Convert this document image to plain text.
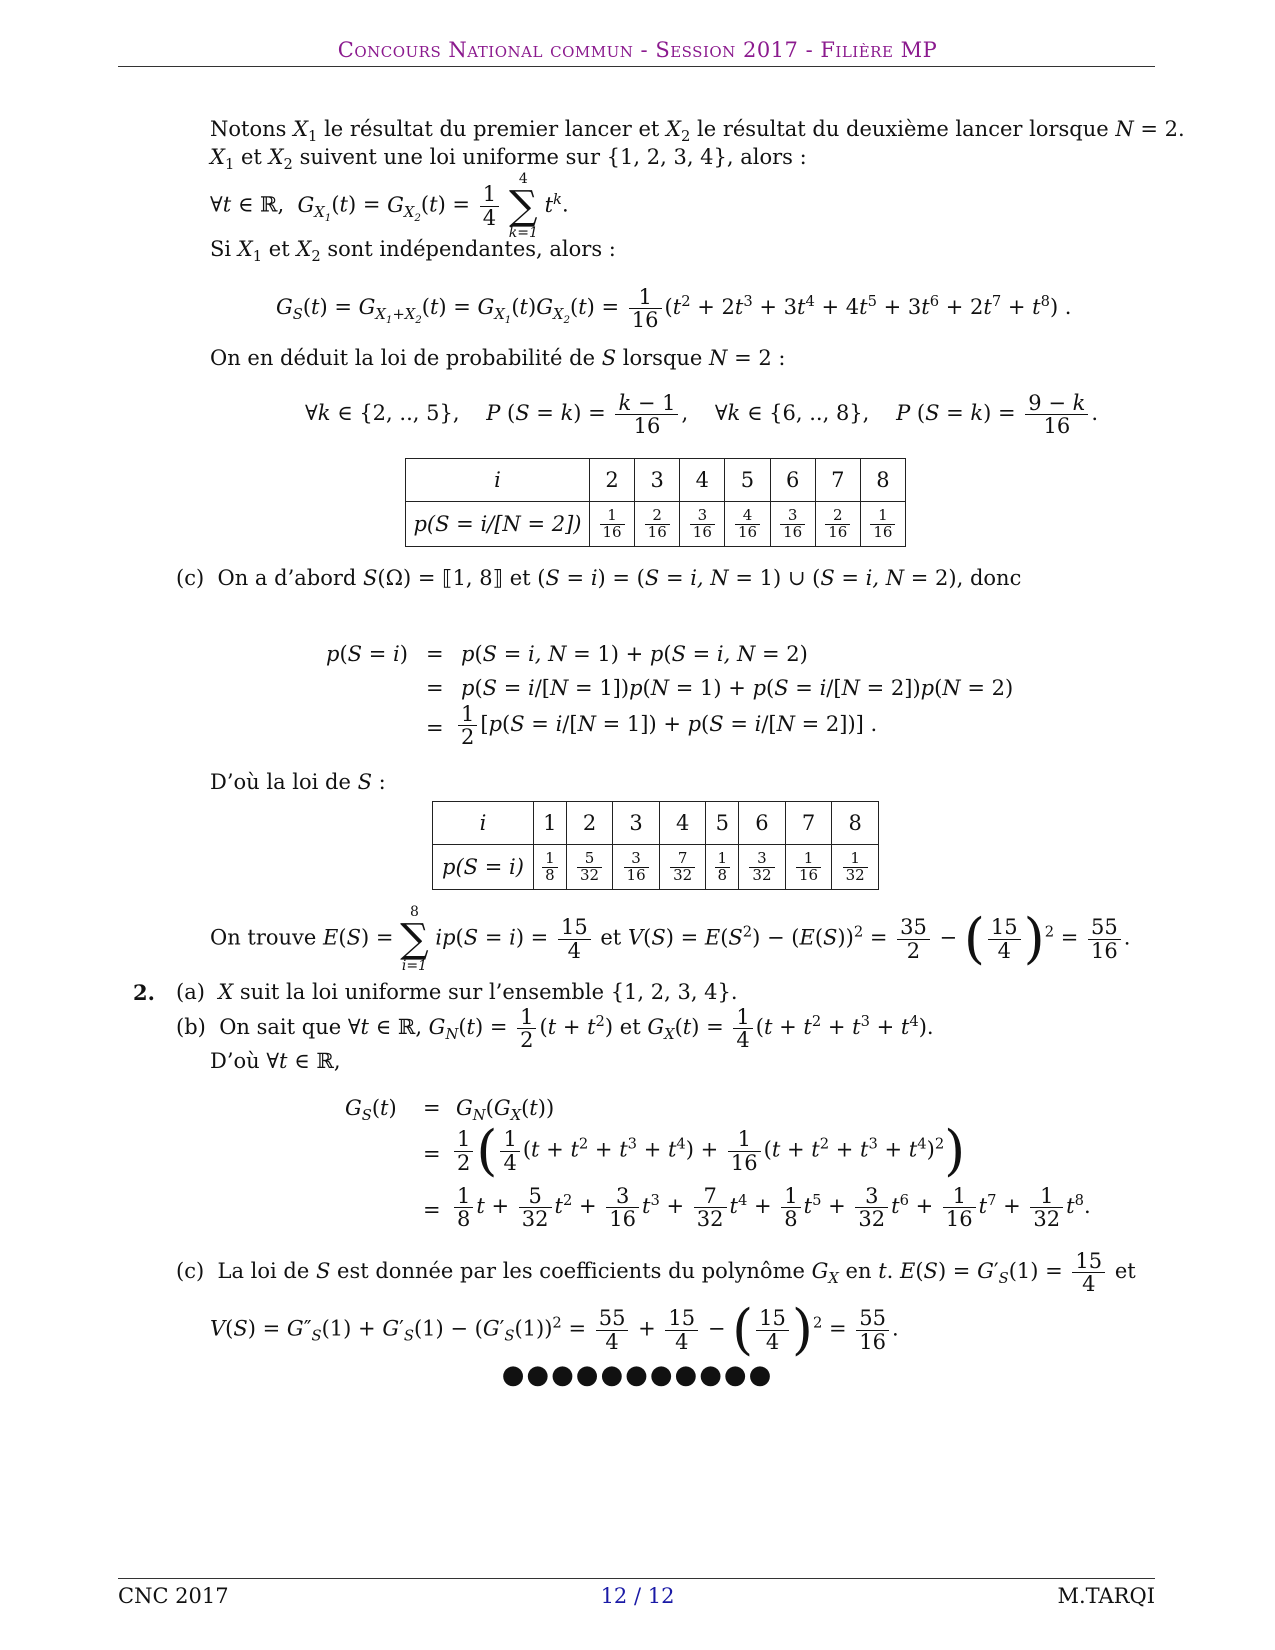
Concours National commun - Session 2017 - Filière MP
Notons $X_1$ le résultat du premier lancer et $X_2$ le résultat du deuxième lancer lorsque N = 2.
$X_1$ et $X_2$ suivent une loi uniforme sur {1, 2, 3, 4}, alors :
∀t ∈ ℝ,  $G_{X_1}(t) = G_{X_2}(t) = \frac{1}{4}$

4
∑
k=1
$t^k$.
Si $X_1$ et $X_2$ sont indépendantes, alors :
$G_S(t) = G_{X_1+X_2}(t) = G_{X_1}(t)G_{X_2}(t) = \frac{1}{16} (t^2 + 2t^3 + 3t^4 + 4t^5 + 3t^6 + 2t^7 + t^8)$ .
On en déduit la loi de probabilité de S lorsque N = 2 :
∀k ∈ {2, .., 5},    P $(S = k) = \frac{k - 1}{16}$ ,    ∀k ∈ {6, .., 8},    P $(S = k) = \frac{9 - k}{16}$ .
i	2	3	4	5	6	7	8
p(S = i/[N = 2])	$\frac{1}{16}$	$\frac{2}{16}$	$\frac{3}{16}$	$\frac{4}{16}$	$\frac{3}{16}$	$\frac{2}{16}$	$\frac{1}{16}$
(c) On a d’abord S(Ω) = ⟦1, 8⟧ et (S = i) = (S = i, N = 1) ∪ (S = i, N = 2), donc
p(S = i) = p(S = i, N = 1) + p(S = i, N = 2)
= p(S = i/[N = 1])p(N = 1) + p(S = i/[N = 2])p(N = 2)
= $\frac{1}{2} [p(S = i/[N = 1]) + p(S = i/[N = 2])]$ .
D’où la loi de S :
i	1	2	3	4	5	6	7	8
p(S = i)	$\frac{1}{8}$	$\frac{5}{32}$	$\frac{3}{16}$	$\frac{7}{32}$	$\frac{1}{8}$	$\frac{3}{32}$	$\frac{1}{16}$	$\frac{1}{32}$
On trouve E(S) =
8
∑
i=1
$ip(S = i) = \frac{15}{4}$ et $V(S) = E(S^2) - (E(S))^2 = \frac{35}{2}$ − ( $\frac{15}{4} )^2 = \frac{55}{16}$ .
2. (a) X suit la loi uniforme sur l’ensemble {1, 2, 3, 4}.
(b) On sait que ∀t ∈ ℝ, $G_N(t) = \frac{1}{2} (t + t^2)$ et $G_X(t) = \frac{1}{4} (t + t^2 + t^3 + t^4)$.
D’où ∀t ∈ ℝ,
$G_S(t) = G_N(G_X(t))$
= $\frac{1}{2}$ ( $\frac{1}{4} (t + t^2 + t^3 + t^4) + \frac{1}{16} (t + t^2 + t^3 + t^4)^2$)
= $\frac{1}{8}$ $t + \frac{5}{32} t^2 + \frac{3}{16} t^3 + \frac{7}{32} t^4 + \frac{1}{8} t^5 + \frac{3}{32} t^6 + \frac{1}{16} t^7 + \frac{1}{32} t^8$.
(c) La loi de S est donnée par les coefficients du polynôme $G_X$ en t. $E(S) = G'_S(1) = \frac{15}{4}$ et
$V(S) = G''_S(1) + G'_S(1) - (G'_S(1))^2 = \frac{55}{4} + \frac{15}{4}$ − ( $\frac{15}{4} )^2 = \frac{55}{16}$ .
●●●●●●●●●●●
CNC 2017	12 / 12	M.TARQI
